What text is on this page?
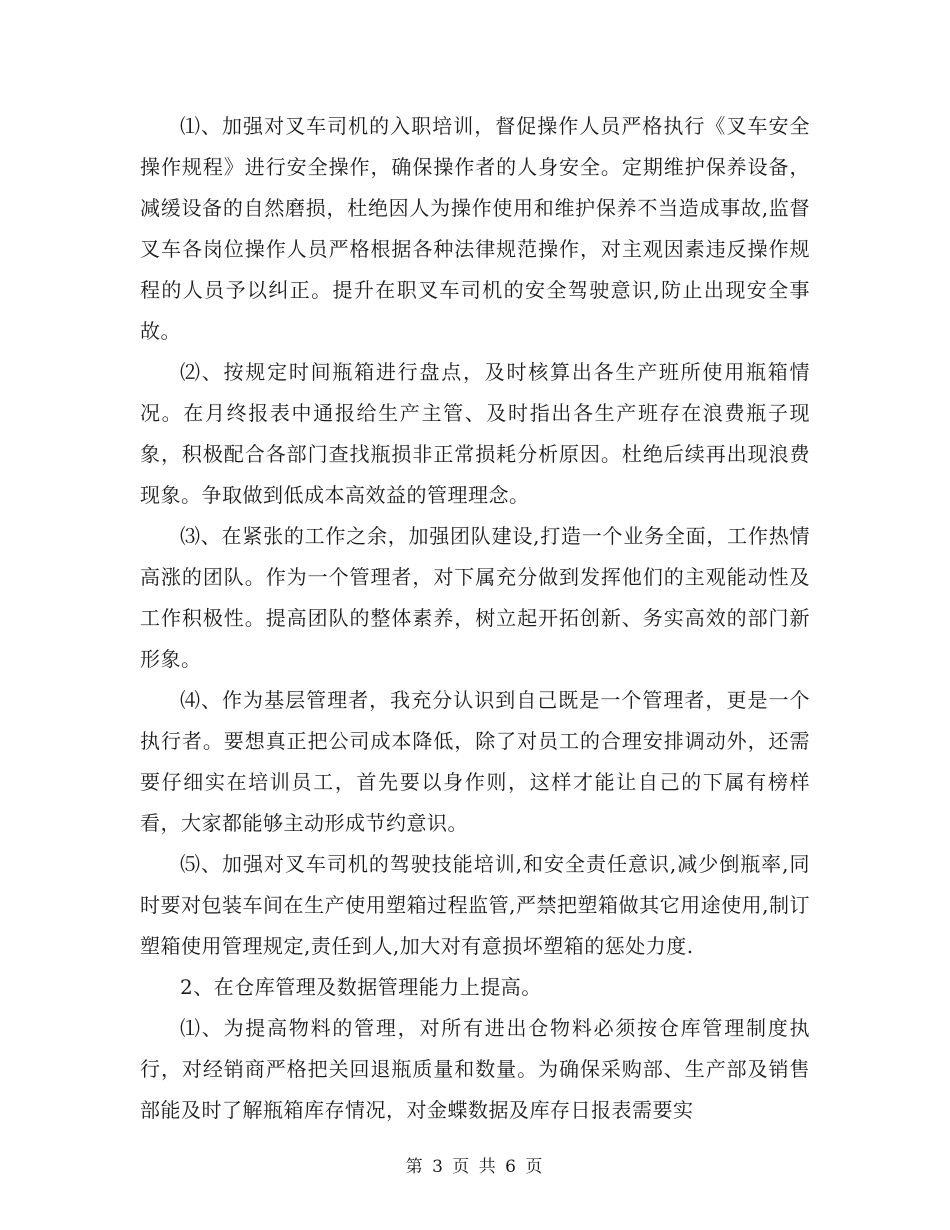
⑴、加强对叉车司机的入职培训，督促操作人员严格执行《叉车安全操作规程》进行安全操作，确保操作者的人身安全。定期维护保养设备，减缓设备的自然磨损，杜绝因人为操作使用和维护保养不当造成事故,监督叉车各岗位操作人员严格根据各种法律规范操作，对主观因素违反操作规程的人员予以纠正。提升在职叉车司机的安全驾驶意识,防止出现安全事故。

⑵、按规定时间瓶箱进行盘点，及时核算出各生产班所使用瓶箱情况。在月终报表中通报给生产主管、及时指出各生产班存在浪费瓶子现象，积极配合各部门查找瓶损非正常损耗分析原因。杜绝后续再出现浪费现象。争取做到低成本高效益的管理理念。

⑶、在紧张的工作之余，加强团队建设,打造一个业务全面，工作热情高涨的团队。作为一个管理者，对下属充分做到发挥他们的主观能动性及工作积极性。提高团队的整体素养，树立起开拓创新、务实高效的部门新形象。

⑷、作为基层管理者，我充分认识到自己既是一个管理者，更是一个执行者。要想真正把公司成本降低，除了对员工的合理安排调动外，还需要仔细实在培训员工，首先要以身作则，这样才能让自己的下属有榜样看，大家都能够主动形成节约意识。

⑸、加强对叉车司机的驾驶技能培训,和安全责任意识,减少倒瓶率,同时要对包装车间在生产使用塑箱过程监管,严禁把塑箱做其它用途使用,制订塑箱使用管理规定,责任到人,加大对有意损坏塑箱的惩处力度.

2、在仓库管理及数据管理能力上提高。

⑴、为提高物料的管理，对所有进出仓物料必须按仓库管理制度执行，对经销商严格把关回退瓶质量和数量。为确保采购部、生产部及销售部能及时了解瓶箱库存情况，对金蝶数据及库存日报表需要实

第 3 页 共 6 页
